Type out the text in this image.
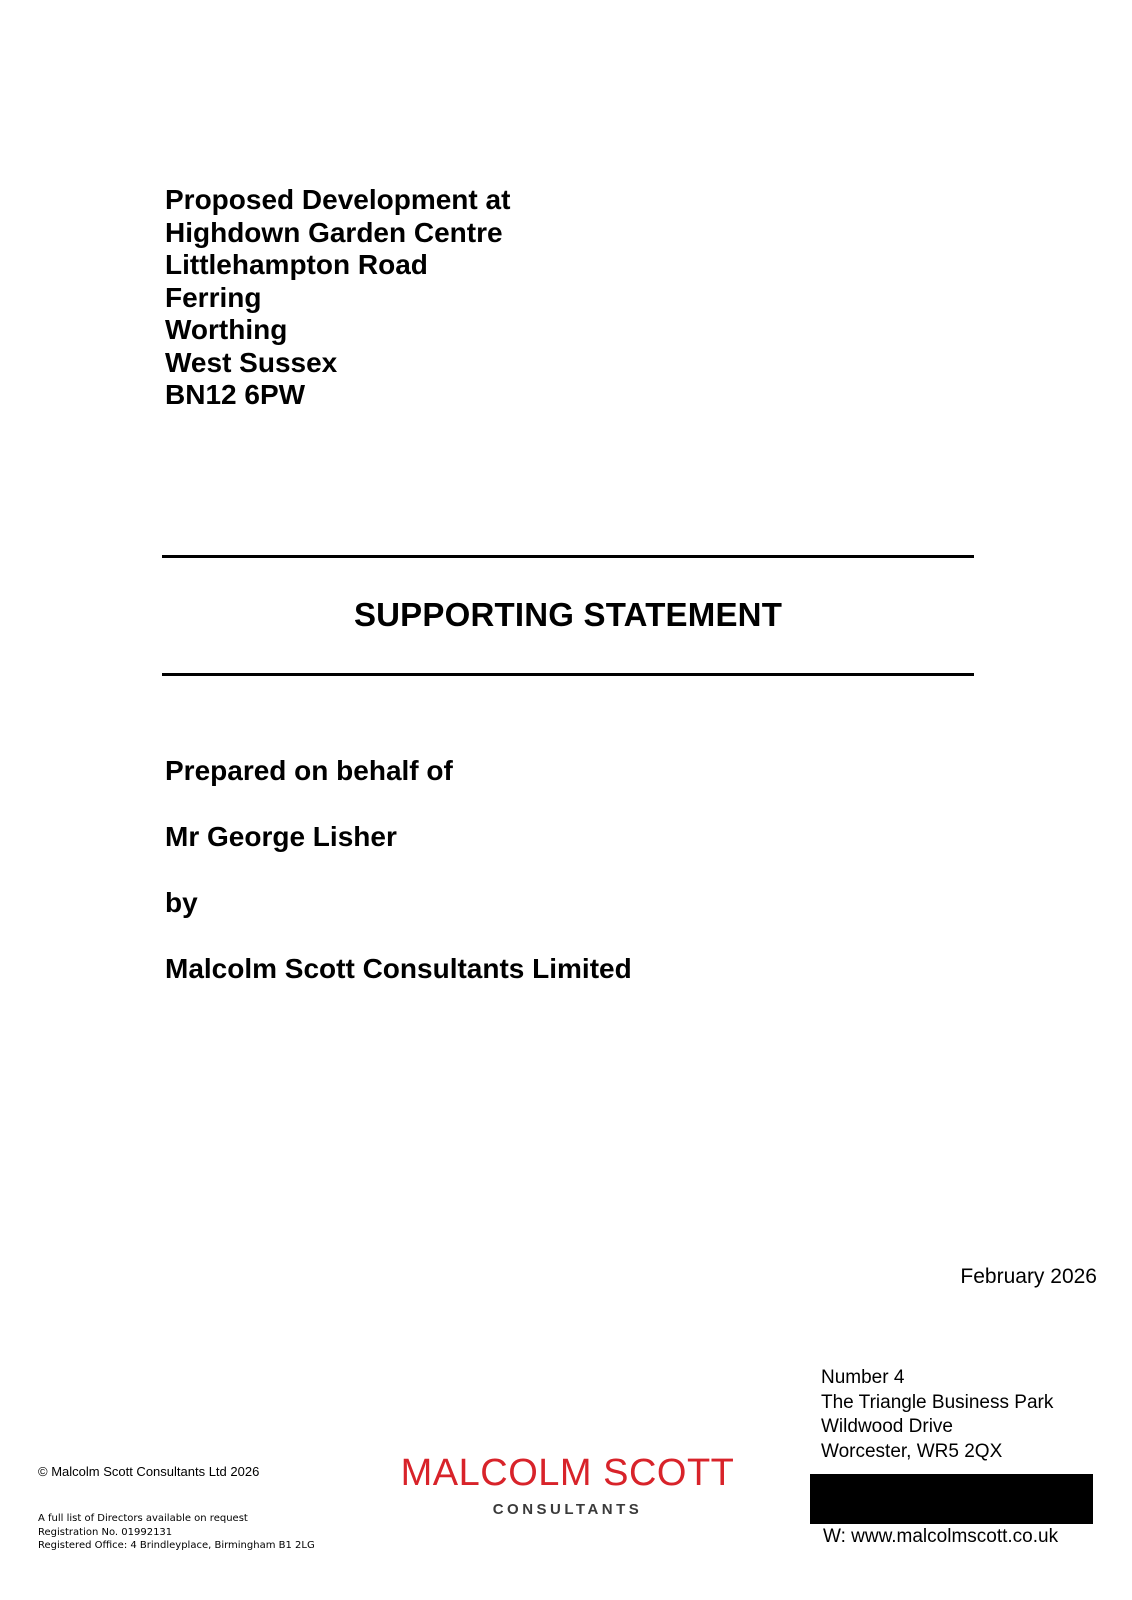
Proposed Development at
Highdown Garden Centre
Littlehampton Road
Ferring
Worthing
West Sussex
BN12 6PW
SUPPORTING STATEMENT
Prepared on behalf of
Mr George Lisher
by
Malcolm Scott Consultants Limited
February 2026
Number 4
The Triangle Business Park
Wildwood Drive
Worcester, WR5 2QX
W: www.malcolmscott.co.uk
© Malcolm Scott Consultants Ltd 2026
A full list of Directors available on request
Registration No. 01992131
Registered Office: 4 Brindleyplace, Birmingham B1 2LG
MALCOLM SCOTT
CONSULTANTS
